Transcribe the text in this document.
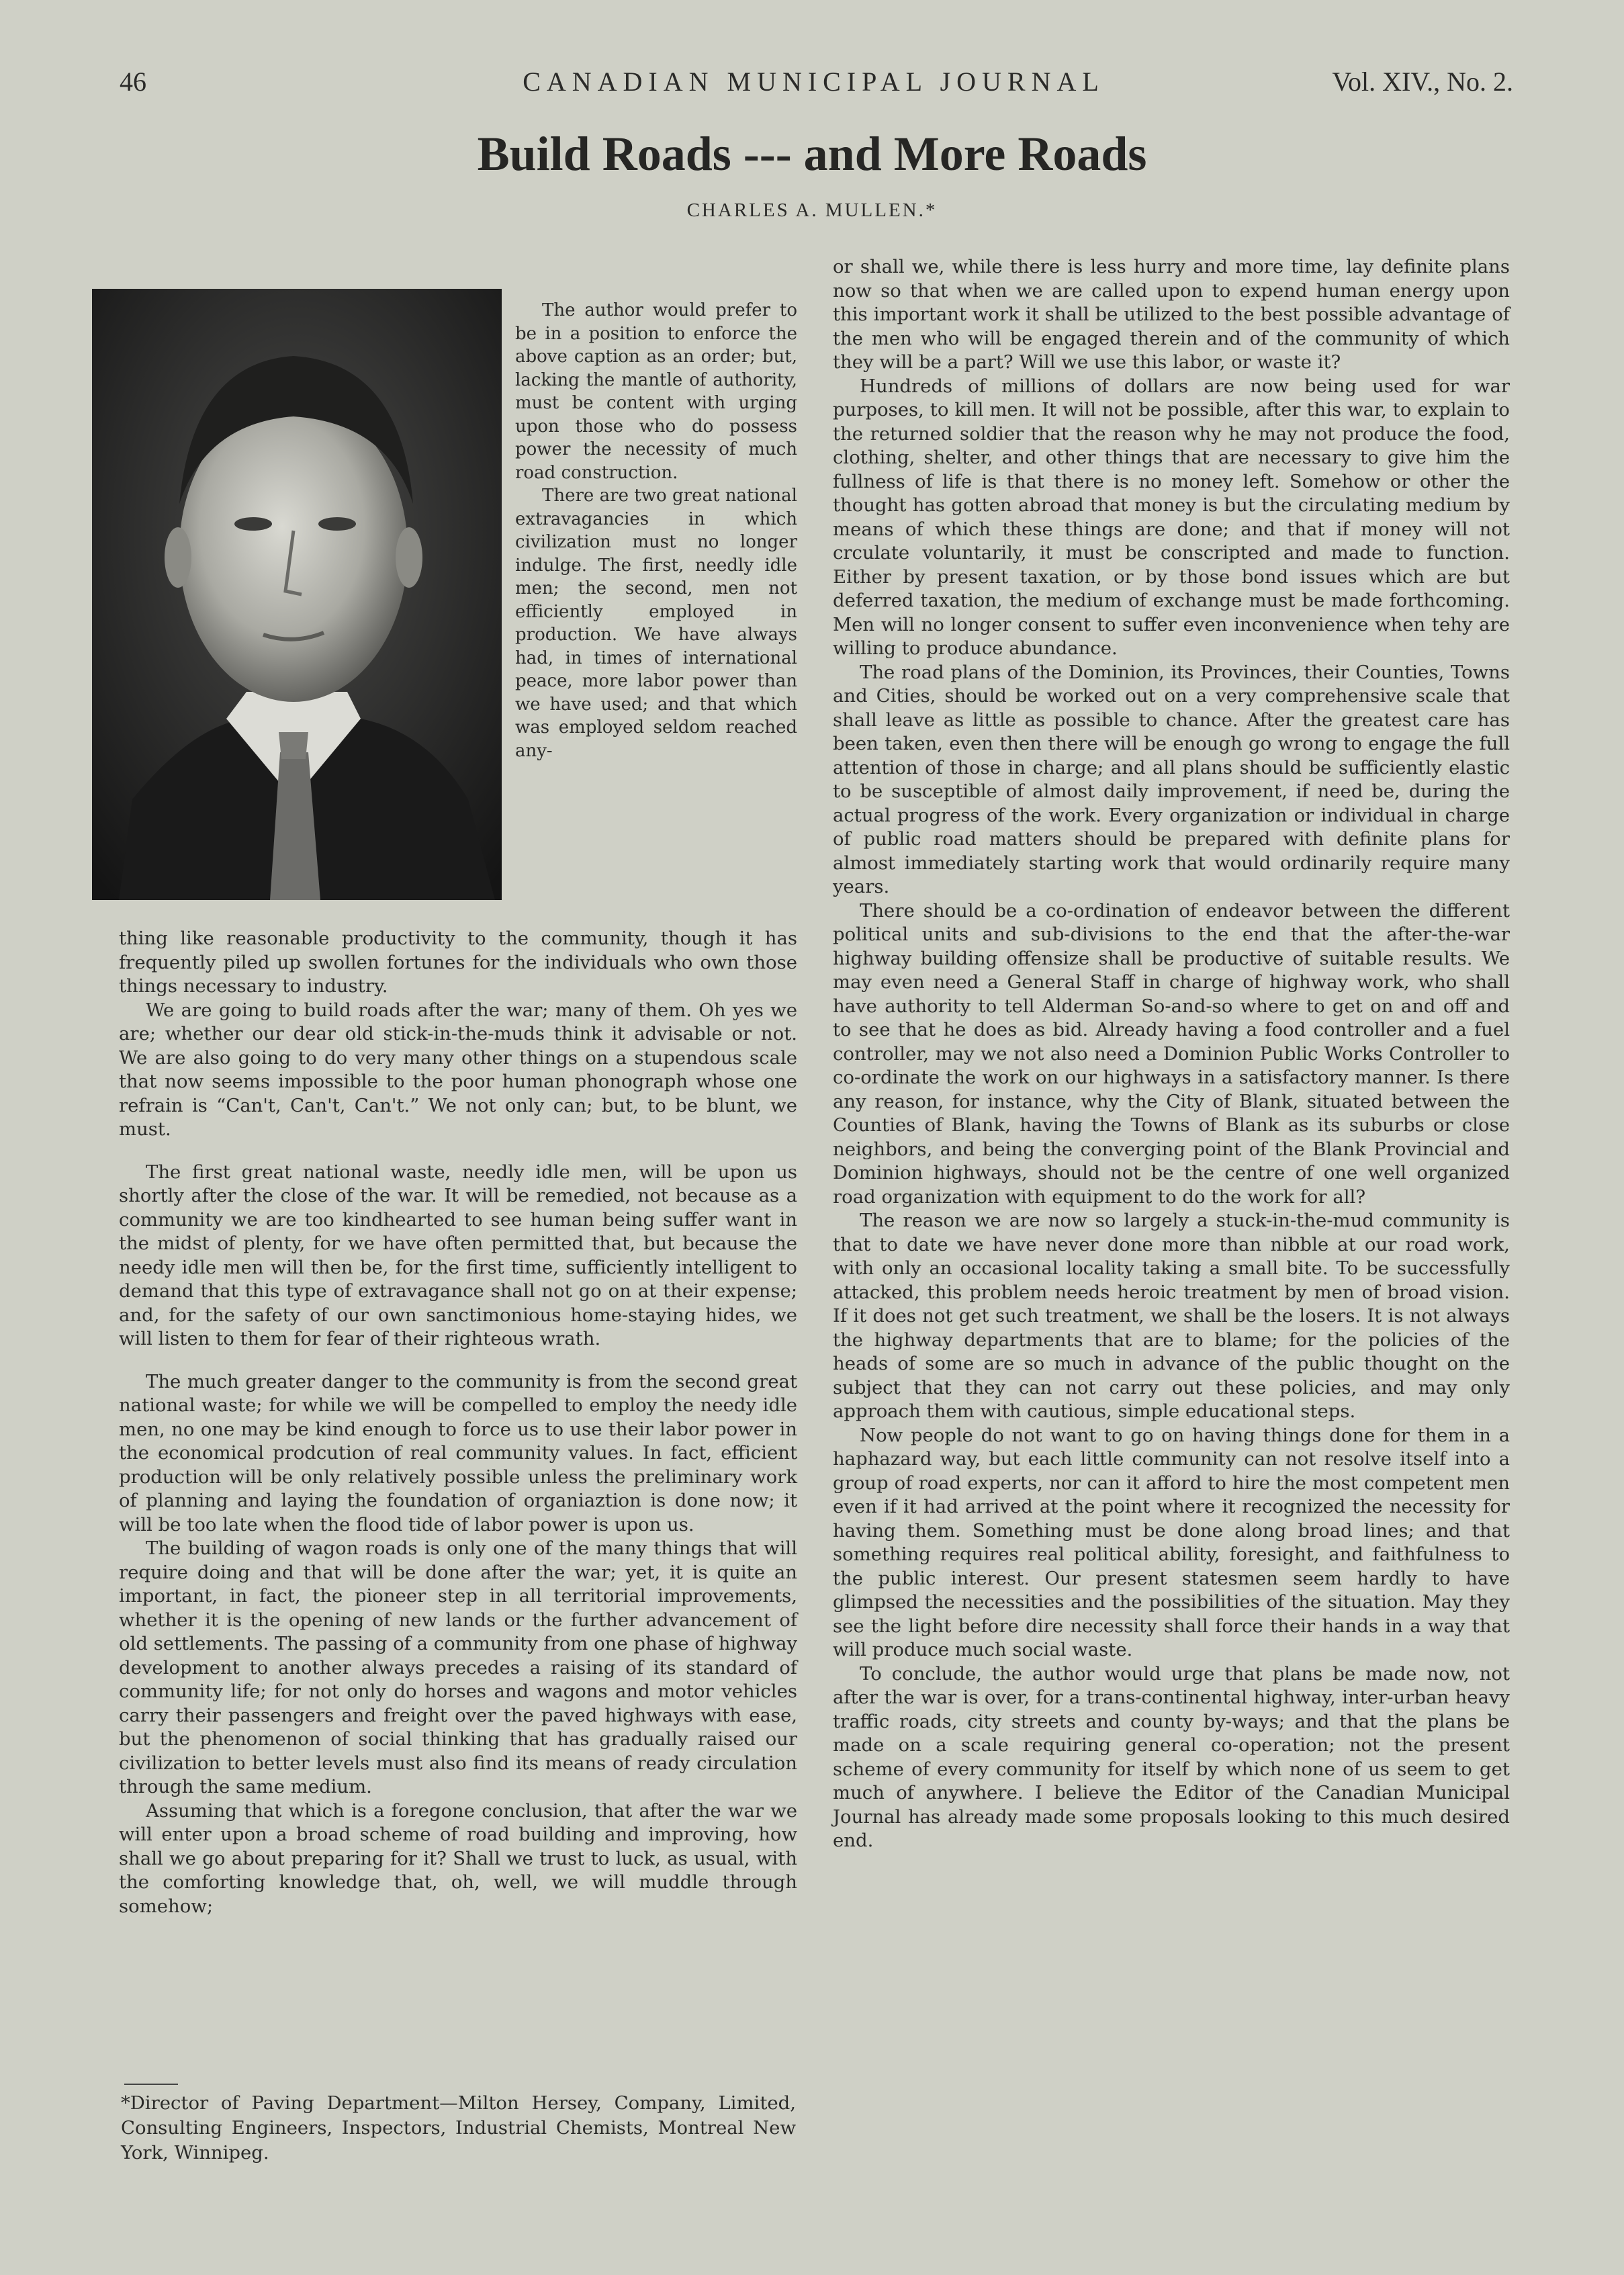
46	CANADIAN MUNICIPAL JOURNAL	Vol. XIV., No. 2.
Build Roads --- and More Roads
CHARLES A. MULLEN.*

The author would prefer to be in a position to enforce the above caption as an order; but, lacking the mantle of authority, must be content with urging upon those who do possess power the necessity of much road construction.

There are two great national extravagancies in which civilization must no longer indulge. The first, needly idle men; the second, men not efficiently employed in production. We have always had, in times of international peace, more labor power than we have used; and that which was employed seldom reached any-

thing like reasonable productivity to the community, though it has frequently piled up swollen fortunes for the individuals who own those things necessary to industry.

We are going to build roads after the war; many of them. Oh yes we are; whether our dear old stick-in-the-muds think it advisable or not. We are also going to do very many other things on a stupendous scale that now seems impossible to the poor human phonograph whose one refrain is “Can't, Can't, Can't.” We not only can; but, to be blunt, we must.

The first great national waste, needly idle men, will be upon us shortly after the close of the war. It will be remedied, not because as a community we are too kindhearted to see human being suffer want in the midst of plenty, for we have often permitted that, but because the needy idle men will then be, for the first time, sufficiently intelligent to demand that this type of extravagance shall not go on at their expense; and, for the safety of our own sanctimonious home-staying hides, we will listen to them for fear of their righteous wrath.

The much greater danger to the community is from the second great national waste; for while we will be compelled to employ the needy idle men, no one may be kind enough to force us to use their labor power in the economical prodcution of real community values. In fact, efficient production will be only relatively possible unless the preliminary work of planning and laying the foundation of organiaztion is done now; it will be too late when the flood tide of labor power is upon us.

The building of wagon roads is only one of the many things that will require doing and that will be done after the war; yet, it is quite an important, in fact, the pioneer step in all territorial improvements, whether it is the opening of new lands or the further advancement of old settlements. The passing of a community from one phase of highway development to another always precedes a raising of its standard of community life; for not only do horses and wagons and motor vehicles carry their passengers and freight over the paved highways with ease, but the phenomenon of social thinking that has gradually raised our civilization to better levels must also find its means of ready circulation through the same medium.

Assuming that which is a foregone conclusion, that after the war we will enter upon a broad scheme of road building and improving, how shall we go about preparing for it? Shall we trust to luck, as usual, with the comforting knowledge that, oh, well, we will muddle through somehow;

*Director of Paving Department—Milton Hersey, Company, Limited, Consulting Engineers, Inspectors, Industrial Chemists, Montreal New York, Winnipeg.

or shall we, while there is less hurry and more time, lay definite plans now so that when we are called upon to expend human energy upon this important work it shall be utilized to the best possible advantage of the men who will be engaged therein and of the community of which they will be a part? Will we use this labor, or waste it?

Hundreds of millions of dollars are now being used for war purposes, to kill men. It will not be possible, after this war, to explain to the returned soldier that the reason why he may not produce the food, clothing, shelter, and other things that are necessary to give him the fullness of life is that there is no money left. Somehow or other the thought has gotten abroad that money is but the circulating medium by means of which these things are done; and that if money will not crculate voluntarily, it must be conscripted and made to function. Either by present taxation, or by those bond issues which are but deferred taxation, the medium of exchange must be made forthcoming. Men will no longer consent to suffer even inconvenience when tehy are willing to produce abundance.

The road plans of the Dominion, its Provinces, their Counties, Towns and Cities, should be worked out on a very comprehensive scale that shall leave as little as possible to chance. After the greatest care has been taken, even then there will be enough go wrong to engage the full attention of those in charge; and all plans should be sufficiently elastic to be susceptible of almost daily improvement, if need be, during the actual progress of the work. Every organization or individual in charge of public road matters should be prepared with definite plans for almost immediately starting work that would ordinarily require many years.

There should be a co-ordination of endeavor between the different political units and sub-divisions to the end that the after-the-war highway building offensize shall be productive of suitable results. We may even need a General Staff in charge of highway work, who shall have authority to tell Alderman So-and-so where to get on and off and to see that he does as bid. Already having a food controller and a fuel controller, may we not also need a Dominion Public Works Controller to co-ordinate the work on our highways in a satisfactory manner. Is there any reason, for instance, why the City of Blank, situated between the Counties of Blank, having the Towns of Blank as its suburbs or close neighbors, and being the converging point of the Blank Provincial and Dominion highways, should not be the centre of one well organized road organization with equipment to do the work for all?

The reason we are now so largely a stuck-in-the-mud community is that to date we have never done more than nibble at our road work, with only an occasional locality taking a small bite. To be successfully attacked, this problem needs heroic treatment by men of broad vision. If it does not get such treatment, we shall be the losers. It is not always the highway departments that are to blame; for the policies of the heads of some are so much in advance of the public thought on the subject that they can not carry out these policies, and may only approach them with cautious, simple educational steps.

Now people do not want to go on having things done for them in a haphazard way, but each little community can not resolve itself into a group of road experts, nor can it afford to hire the most competent men even if it had arrived at the point where it recognized the necessity for having them. Something must be done along broad lines; and that something requires real political ability, foresight, and faithfulness to the public interest. Our present statesmen seem hardly to have glimpsed the necessities and the possibilities of the situation. May they see the light before dire necessity shall force their hands in a way that will produce much social waste.

To conclude, the author would urge that plans be made now, not after the war is over, for a trans-continental highway, inter-urban heavy traffic roads, city streets and county by-ways; and that the plans be made on a scale requiring general co-operation; not the present scheme of every community for itself by which none of us seem to get much of anywhere. I believe the Editor of the Canadian Municipal Journal has already made some proposals looking to this much desired end.
